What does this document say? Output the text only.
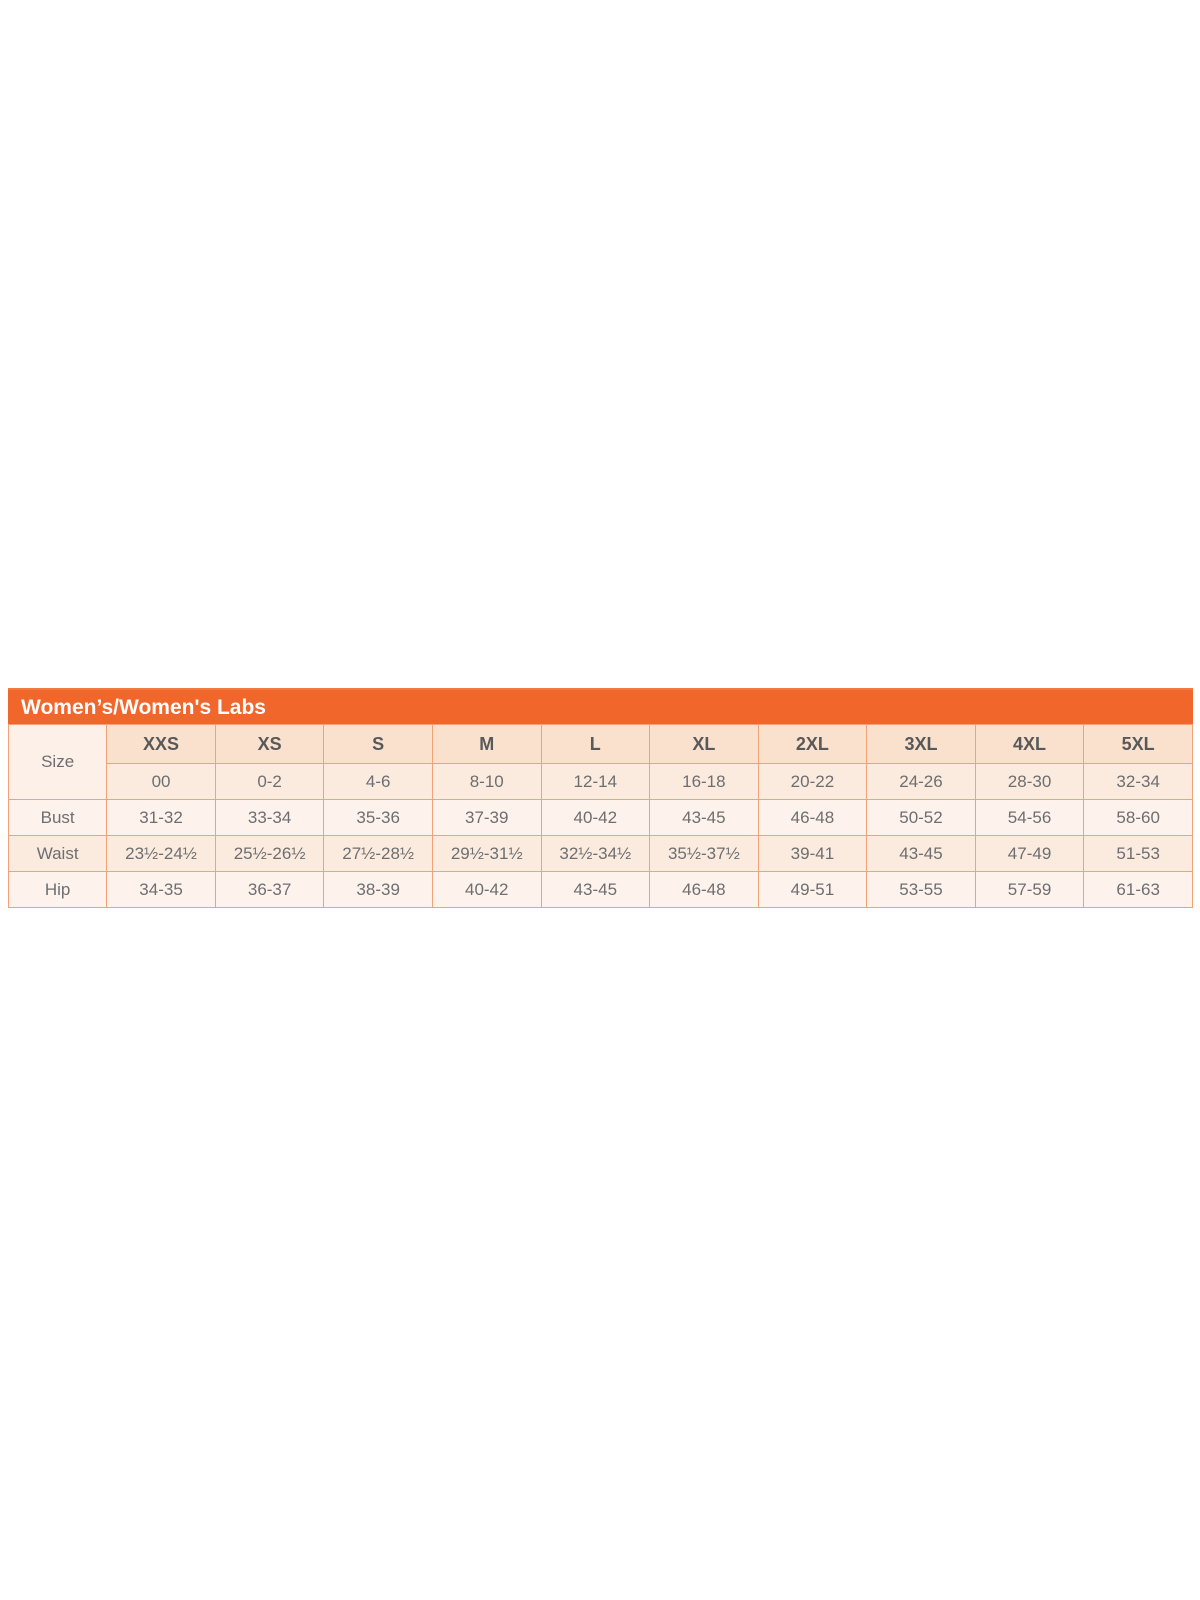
Women’s/Women's Labs
Size	XXS	XS	S	M	L	XL	2XL	3XL	4XL	5XL
	00	0-2	4-6	8-10	12-14	16-18	20-22	24-26	28-30	32-34
Bust	31-32	33-34	35-36	37-39	40-42	43-45	46-48	50-52	54-56	58-60
Waist	23½-24½	25½-26½	27½-28½	29½-31½	32½-34½	35½-37½	39-41	43-45	47-49	51-53
Hip	34-35	36-37	38-39	40-42	43-45	46-48	49-51	53-55	57-59	61-63
